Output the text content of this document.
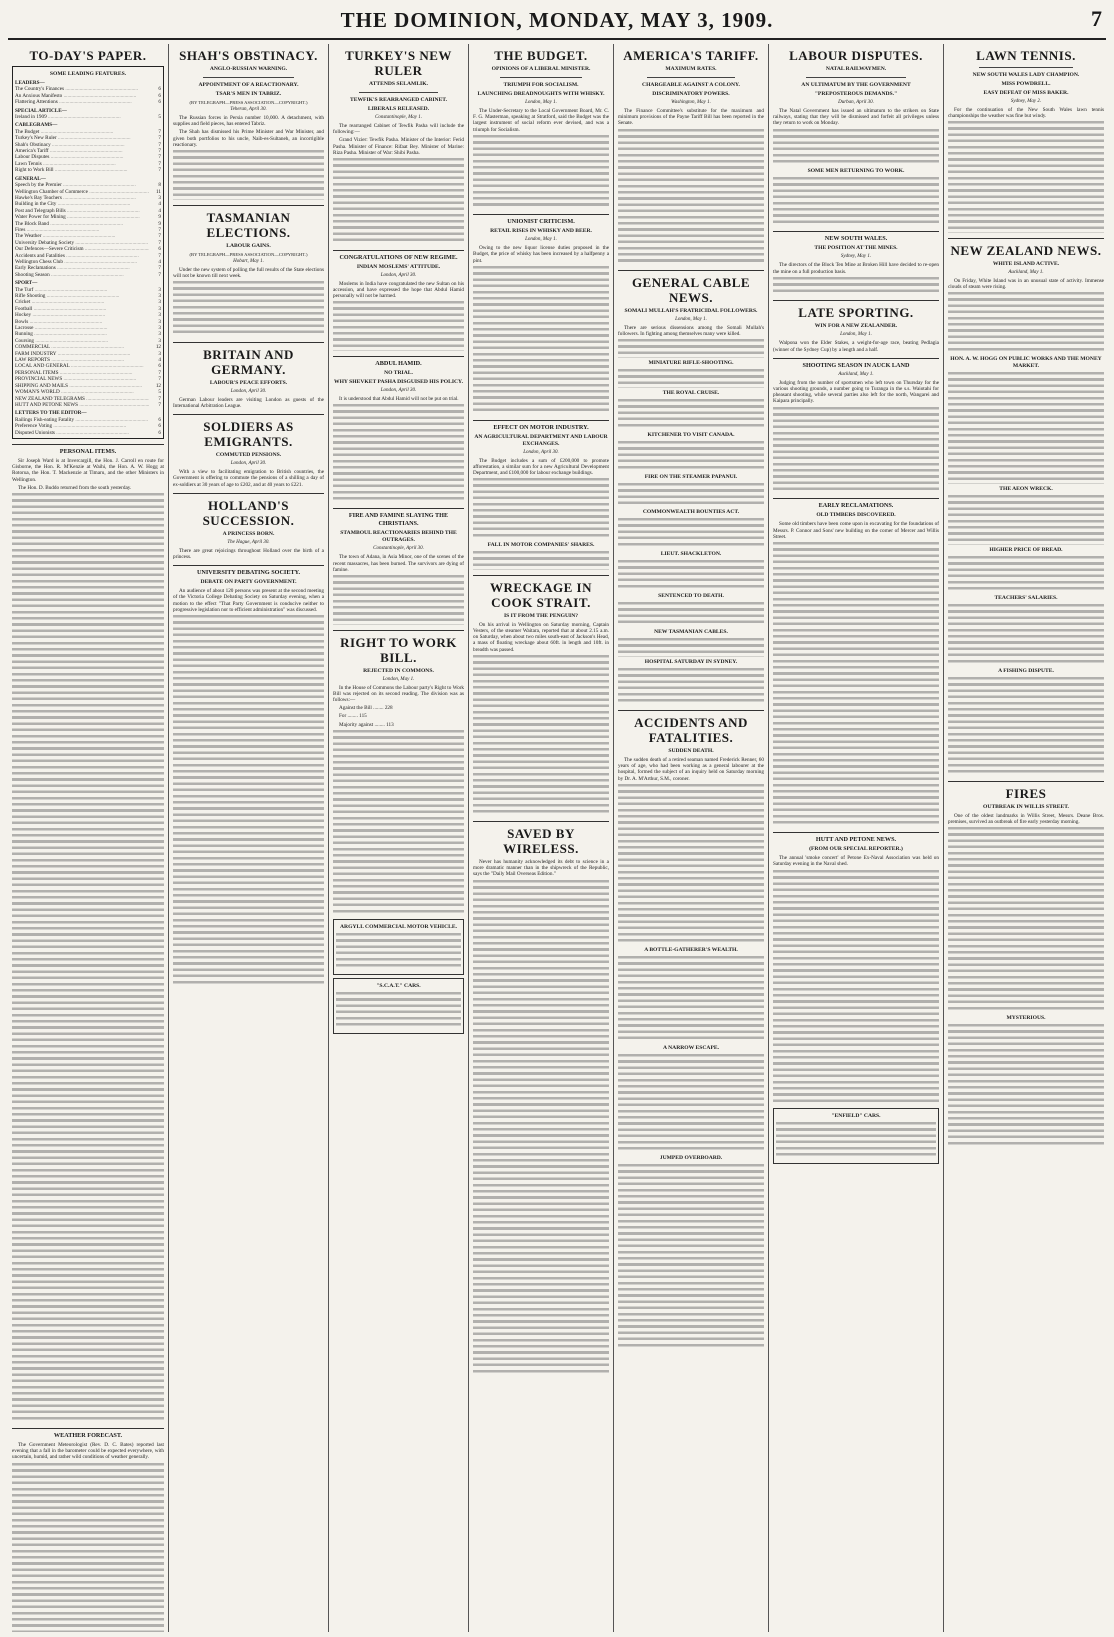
THE DOMINION, MONDAY, MAY 3, 1909.	7
TO-DAY'S PAPER.
SOME LEADING FEATURES.
LEADERS—
The Country's Finances .....	6
An Anxious Manifesto .....	6
Flattering Attentions .....	6
SPECIAL ARTICLE—
Ireland in 1909 .....	5
CABLEGRAMS—
The Budget .....	7
Turkey's New Ruler .....	7
Shah's Obstinacy .....	7
America's Tariff .....	7
Labour Disputes .....	7
Lawn Tennis .....	7
Right to Work Bill .....	7
GENERAL—
Speech by the Premier .....	8
Wellington Chamber of Commerce .....	11
Hawke's Bay Teachers .....	3
Building in the City .....	4
Post and Telegraph Bills .....	4
Water Power for Mining .....	9
The Block Band .....	9
Fires .....	7
The Weather .....	7
University Debating Society .....	7
Our Defences—Severe Criticism .....	6
Accidents and Fatalities .....	7
Wellington Chess Club .....	4
Early Reclamations .....	7
Shooting Season .....	7
SPORT—
The Turf .....	3
Rifle Shooting .....	3
Cricket .....	3
Football .....	3
Hockey .....	3
Bowls .....	3
Lacrosse .....	3
Running .....	3
Coursing .....	3
COMMERCIAL .....	12
FARM INDUSTRY .....	3
LAW REPORTS .....	4
LOCAL AND GENERAL .....	6
PERSONAL ITEMS .....	7
PROVINCIAL NEWS .....	7
SHIPPING AND MAILS .....	12
WOMAN'S WORLD .....	5
NEW ZEALAND TELEGRAMS .....	7
HUTT AND PETONE NEWS .....	7
LETTERS TO THE EDITOR—
Railings Fish-eating Fatality .....	6
Preference Voting .....	6
Disputed Unionists .....	6
PERSONAL ITEMS.

Sir Joseph Ward is at Invercargill, the Hon. J. Carroll en route for Gisborne, the Hon. R. M'Kenzie at Waihi, the Hon. A. W. Hogg at Rotorua, the Hon. T. Mackenzie at Timaru, and the other Ministers in Wellington.

The Hon. D. Buddo returned from the south yesterday.

WEATHER FORECAST.

The Government Meteorologist (Rev. D. C. Bates) reported last evening that a fall in the barometer could be expected everywhere, with uncertain, humid, and rather wild conditions of weather generally.

SHAH'S OBSTINACY.
ANGLO-RUSSIAN WARNING.
APPOINTMENT OF A REACTIONARY.
TSAR'S MEN IN TABRIZ.
(BY TELEGRAPH—PRESS ASSOCIATION—COPYRIGHT.)
Teheran, April 30.

The Russian forces in Persia number 10,000. A detachment, with supplies and field pieces, has entered Tabriz.

The Shah has dismissed his Prime Minister and War Minister, and given both portfolios to his uncle, Naib-es-Sultaneh, an incorrigible reactionary.

TASMANIAN ELECTIONS.
LABOUR GAINS.
(BY TELEGRAPH—PRESS ASSOCIATION—COPYRIGHT.)
Hobart, May 1.

Under the new system of polling the full results of the State elections will not be known till next week.

BRITAIN AND GERMANY.
LABOUR'S PEACE EFFORTS.
London, April 30.

German Labour leaders are visiting London as guests of the International Arbitration League.

SOLDIERS AS EMIGRANTS.
COMMUTED PENSIONS.
London, April 30.

With a view to facilitating emigration to British countries, the Government is offering to commute the pensions of a shilling a day of ex-soldiers at 30 years of age to £202, and at 40 years to £221.

HOLLAND'S SUCCESSION.
A PRINCESS BORN.
The Hague, April 30.

There are great rejoicings throughout Holland over the birth of a princess.

UNIVERSITY DEBATING SOCIETY.
DEBATE ON PARTY GOVERNMENT.

An audience of about 120 persons was present at the second meeting of the Victoria College Debating Society on Saturday evening, when a motion to the effect "That Party Government is conducive neither to progressive legislation nor to efficient administration" was discussed.

TURKEY'S NEW RULER
ATTENDS SELAMLIK.
TEWFIK'S REARRANGED CABINET.
LIBERALS RELEASED.
Constantinople, May 1.

The rearranged Cabinet of Tewfik Pasha will include the following:—

Grand Vizier: Tewfik Pasha. Minister of the Interior: Ferid Pasha. Minister of Finance: Rifaat Bey. Minister of Marine: Riza Pasha. Minister of War: Shibi Pasha.

CONGRATULATIONS OF NEW REGIME.
INDIAN MOSLEMS' ATTITUDE.
London, April 30.

Moslems in India have congratulated the new Sultan on his accession, and have expressed the hope that Abdul Hamid personally will not be harmed.

ABDUL HAMID.
NO TRIAL.
WHY SHEVKET PASHA DISGUISED HIS POLICY.
London, April 30.

It is understood that Abdul Hamid will not be put on trial.

FIRE AND FAMINE SLAYING THE CHRISTIANS.
STAMBOUL REACTIONARIES BEHIND THE OUTRAGES.
Constantinople, April 30.

The town of Adana, in Asia Minor, one of the scenes of the recent massacres, has been burned. The survivors are dying of famine.

RIGHT TO WORK BILL.
REJECTED IN COMMONS.
London, May 1.

In the House of Commons the Labour party's Right to Work Bill was rejected on its second reading. The division was as follows:—

Against the Bill ........ 228

For ........ 115

Majority against ........ 113

ARGYLL COMMERCIAL MOTOR VEHICLE.
"S.C.A.T." CARS.
THE BUDGET.
OPINIONS OF A LIBERAL MINISTER.
TRIUMPH FOR SOCIALISM.
LAUNCHING DREADNOUGHTS WITH WHISKY.
London, May 1.

The Under-Secretary to the Local Government Board, Mr. C. F. G. Masterman, speaking at Stratford, said the Budget was the largest instrument of social reform ever devised, and was a triumph for Socialism.

UNIONIST CRITICISM.
RETAIL RISES IN WHISKY AND BEER.
London, May 1.

Owing to the new liquor license duties proposed in the Budget, the price of whisky has been increased by a halfpenny a pint.

EFFECT ON MOTOR INDUSTRY.
AN AGRICULTURAL DEPARTMENT AND LABOUR EXCHANGES.
London, April 30.

The Budget includes a sum of £200,000 to promote afforestation, a similar sum for a new Agricultural Development Department, and £100,000 for labour exchange buildings.

FALL IN MOTOR COMPANIES' SHARES.
WRECKAGE IN COOK STRAIT.
IS IT FROM THE PENGUIN?

On his arrival in Wellington on Saturday morning, Captain Vesters, of the steamer Waitara, reported that at about 2.15 a.m. on Saturday, when about two miles south-east of Jackson's Head, a mass of floating wreckage about 60ft. in length and 10ft. in breadth was passed.

SAVED BY WIRELESS.

Never has humanity acknowledged its debt to science in a more dramatic manner than in the shipwreck of the Republic, says the "Daily Mail Overseas Edition."

AMERICA'S TARIFF.
MAXIMUM RATES.
CHARGEABLE AGAINST A COLONY.
DISCRIMINATORY POWERS.
Washington, May 1.

The Finance Committee's substitute for the maximum and minimum provisions of the Payne Tariff Bill has been reported in the Senate.

GENERAL CABLE NEWS.
SOMALI MULLAH'S FRATRICIDAL FOLLOWERS.
London, May 1.

There are serious dissensions among the Somali Mullah's followers. In fighting among themselves many were killed.

MINIATURE RIFLE-SHOOTING.
THE ROYAL CRUISE.
KITCHENER TO VISIT CANADA.
FIRE ON THE STEAMER PAPANUI.
COMMONWEALTH BOUNTIES ACT.
LIEUT. SHACKLETON.
SENTENCED TO DEATH.
NEW TASMANIAN CABLES.
HOSPITAL SATURDAY IN SYDNEY.
ACCIDENTS AND FATALITIES.
SUDDEN DEATH.

The sudden death of a retired seaman named Frederick Renner, 60 years of age, who had been working as a general labourer at the hospital, formed the subject of an inquiry held on Saturday morning by Dr. A. M'Arthur, S.M., coroner.

A BOTTLE-GATHERER'S WEALTH.
A NARROW ESCAPE.
JUMPED OVERBOARD.
LABOUR DISPUTES.
NATAL RAILWAYMEN.
AN ULTIMATUM BY THE GOVERNMENT
"PREPOSTEROUS DEMANDS."
Durban, April 30.

The Natal Government has issued an ultimatum to the strikers on State railways, stating that they will be dismissed and forfeit all privileges unless they return to work on Monday.

SOME MEN RETURNING TO WORK.
NEW SOUTH WALES.
THE POSITION AT THE MINES.
Sydney, May 1.

The directors of the Block Ten Mine at Broken Hill have decided to re-open the mine on a full production basis.

LATE SPORTING.
WIN FOR A NEW ZEALANDER.
London, May 1.

Walpona won the Elder Stakes, a weight-for-age race, beating Pedlagia (winner of the Sydney Cup) by a length and a half.

SHOOTING SEASON IN AUCK LAND
Auckland, May 1.

Judging from the number of sportsmen who left town on Thursday for the various shooting grounds, a number going to Turanga in the s.s. Waiotahi for pheasant shooting, while several parties also left for the north, Wangarei and Kaipara principally.

EARLY RECLAMATIONS.
OLD TIMBERS DISCOVERED.

Some old timbers have been come upon in excavating for the foundations of Messrs. P. Connor and Sons' new building on the corner of Mercer and Willis Street.

HUTT AND PETONE NEWS.
(FROM OUR SPECIAL REPORTER.)

The annual 'smoke concert' of Petone Ex-Naval Association was held on Saturday evening in the Naval shed.

"ENFIELD" CARS.
LAWN TENNIS.
NEW SOUTH WALES LADY CHAMPION.
MISS POWDRELL.
EASY DEFEAT OF MISS BAKER.
Sydney, May 2.

For the continuation of the New South Wales lawn tennis championships the weather was fine but windy.

NEW ZEALAND NEWS.
WHITE ISLAND ACTIVE.
Auckland, May 1.

On Friday, White Island was in an unusual state of activity. Immense clouds of steam were rising.

HON. A. W. HOGG ON PUBLIC WORKS AND THE MONEY MARKET.
THE AEON WRECK.
HIGHER PRICE OF BREAD.
TEACHERS' SALARIES.
A FISHING DISPUTE.
FIRES
OUTBREAK IN WILLIS STREET.

One of the oldest landmarks in Willis Street, Messrs. Deane Bros. premises, survived an outbreak of fire early yesterday morning.

MYSTERIOUS.
